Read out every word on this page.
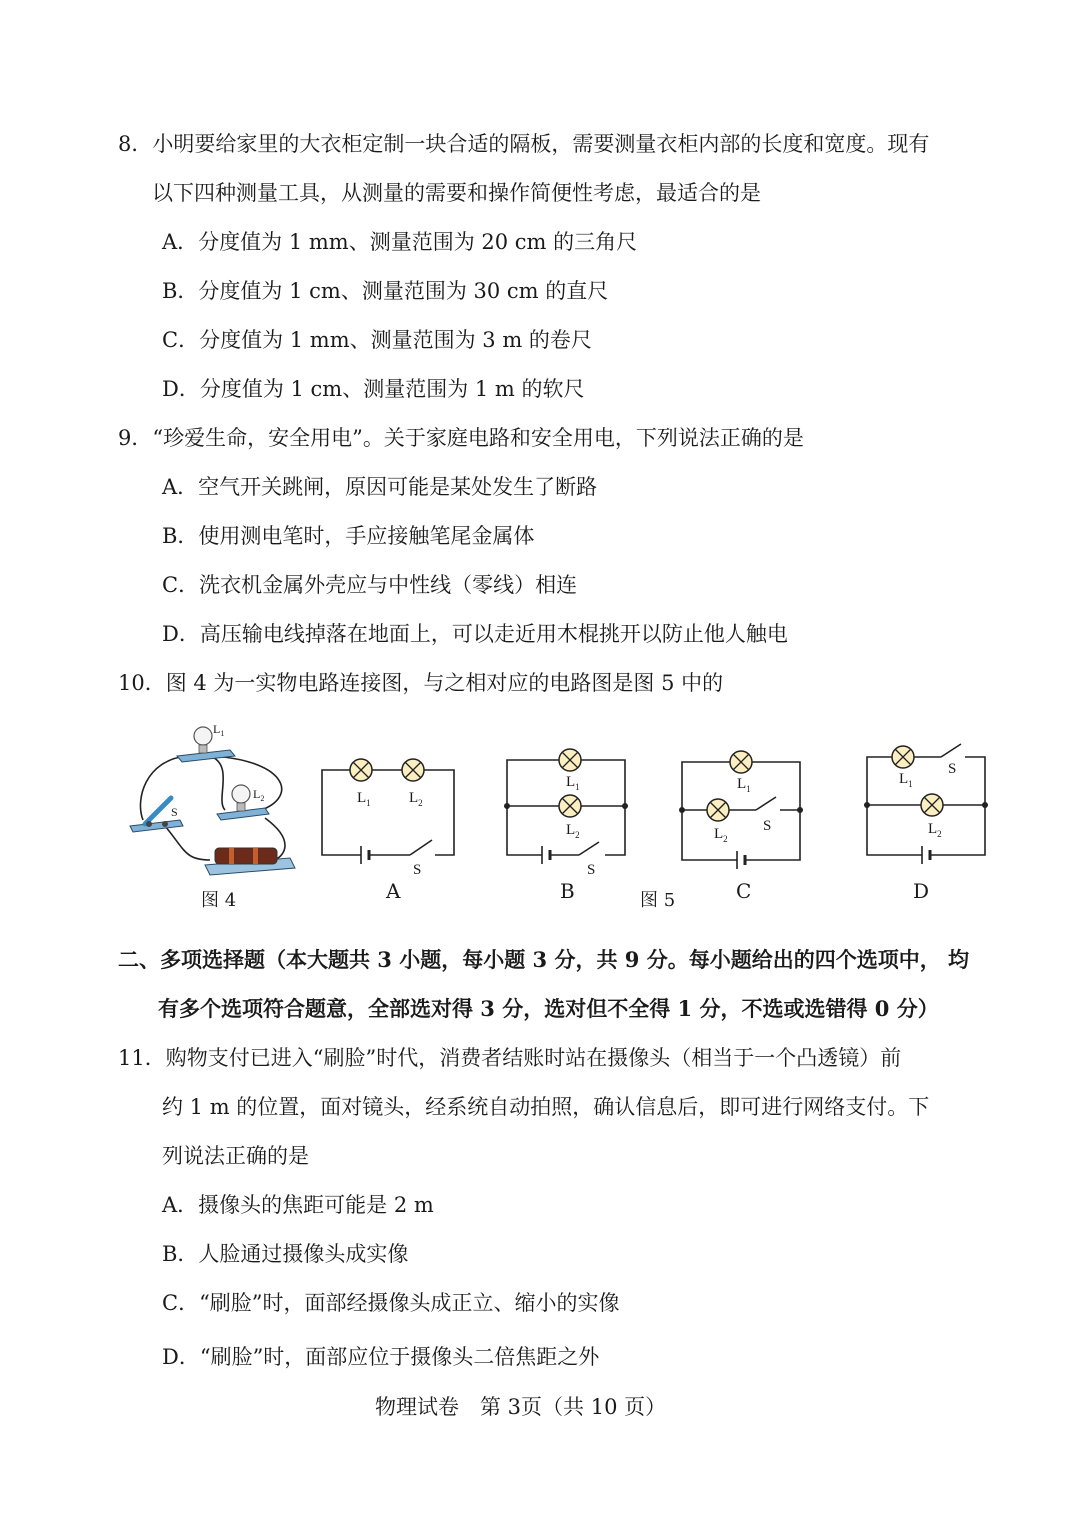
8．小明要给家里的大衣柜定制一块合适的隔板，需要测量衣柜内部的长度和宽度。现有
以下四种测量工具，从测量的需要和操作简便性考虑，最适合的是
A．分度值为 1 mm、测量范围为 20 cm 的三角尺
B．分度值为 1 cm、测量范围为 30 cm 的直尺
C．分度值为 1 mm、测量范围为 3 m 的卷尺
D．分度值为 1 cm、测量范围为 1 m 的软尺
9．“珍爱生命，安全用电”。关于家庭电路和安全用电，下列说法正确的是
A．空气开关跳闸，原因可能是某处发生了断路
B．使用测电笔时，手应接触笔尾金属体
C．洗衣机金属外壳应与中性线（零线）相连
D．高压输电线掉落在地面上，可以走近用木棍挑开以防止他人触电
10．图 4 为一实物电路连接图，与之相对应的电路图是图 5 中的
$L_1$
S
$L_2$
图 4
$L_1$	$L_2$
S
A
$L_1$
$L_2$
S
B	图 5
$L_1$
$L_2$
S
C
$L_1$
$L_2$
S
D
二、多项选择题（本大题共 3 小题，每小题 3 分，共 9 分。每小题给出的四个选项中， 均
有多个选项符合题意，全部选对得 3 分，选对但不全得 1 分，不选或选错得 0 分）
11．购物支付已进入“刷脸”时代，消费者结账时站在摄像头（相当于一个凸透镜）前
约 1 m 的位置，面对镜头，经系统自动拍照，确认信息后，即可进行网络支付。下
列说法正确的是
A．摄像头的焦距可能是 2 m
B．人脸通过摄像头成实像
C．“刷脸”时，面部经摄像头成正立、缩小的实像
D．“刷脸”时，面部应位于摄像头二倍焦距之外
物理试卷　第 3页（共 10 页）
